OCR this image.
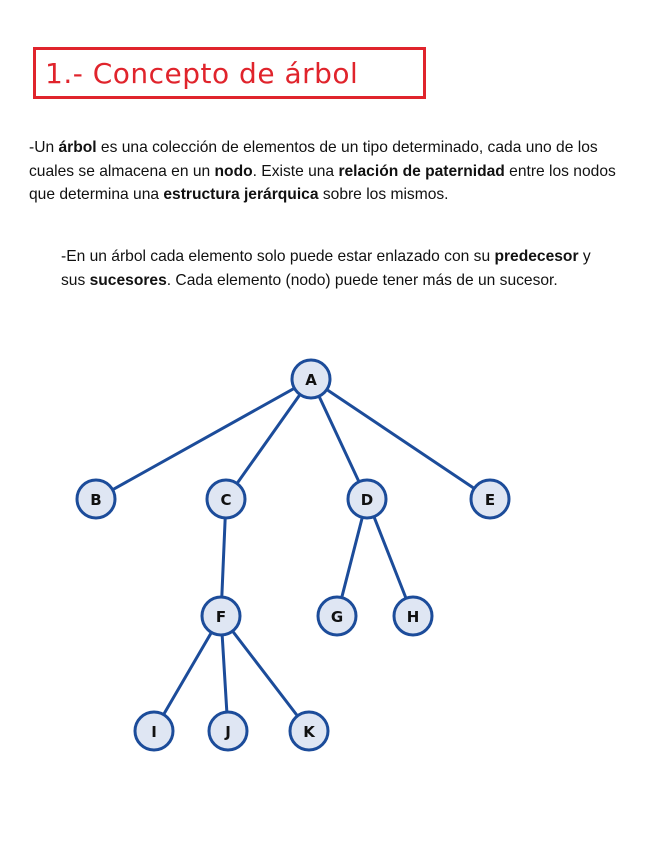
1.- Concepto de árbol
-Un árbol es una colección de elementos de un tipo determinado, cada uno de los cuales se almacena en un nodo. Existe una relación de paternidad entre los nodos que determina una estructura jerárquica sobre los mismos.
-En un árbol cada elemento solo puede estar enlazado con su predecesor y sus sucesores. Cada elemento (nodo) puede tener más de un sucesor.
A
B	C	D	E
F	G	H
I	J	K
